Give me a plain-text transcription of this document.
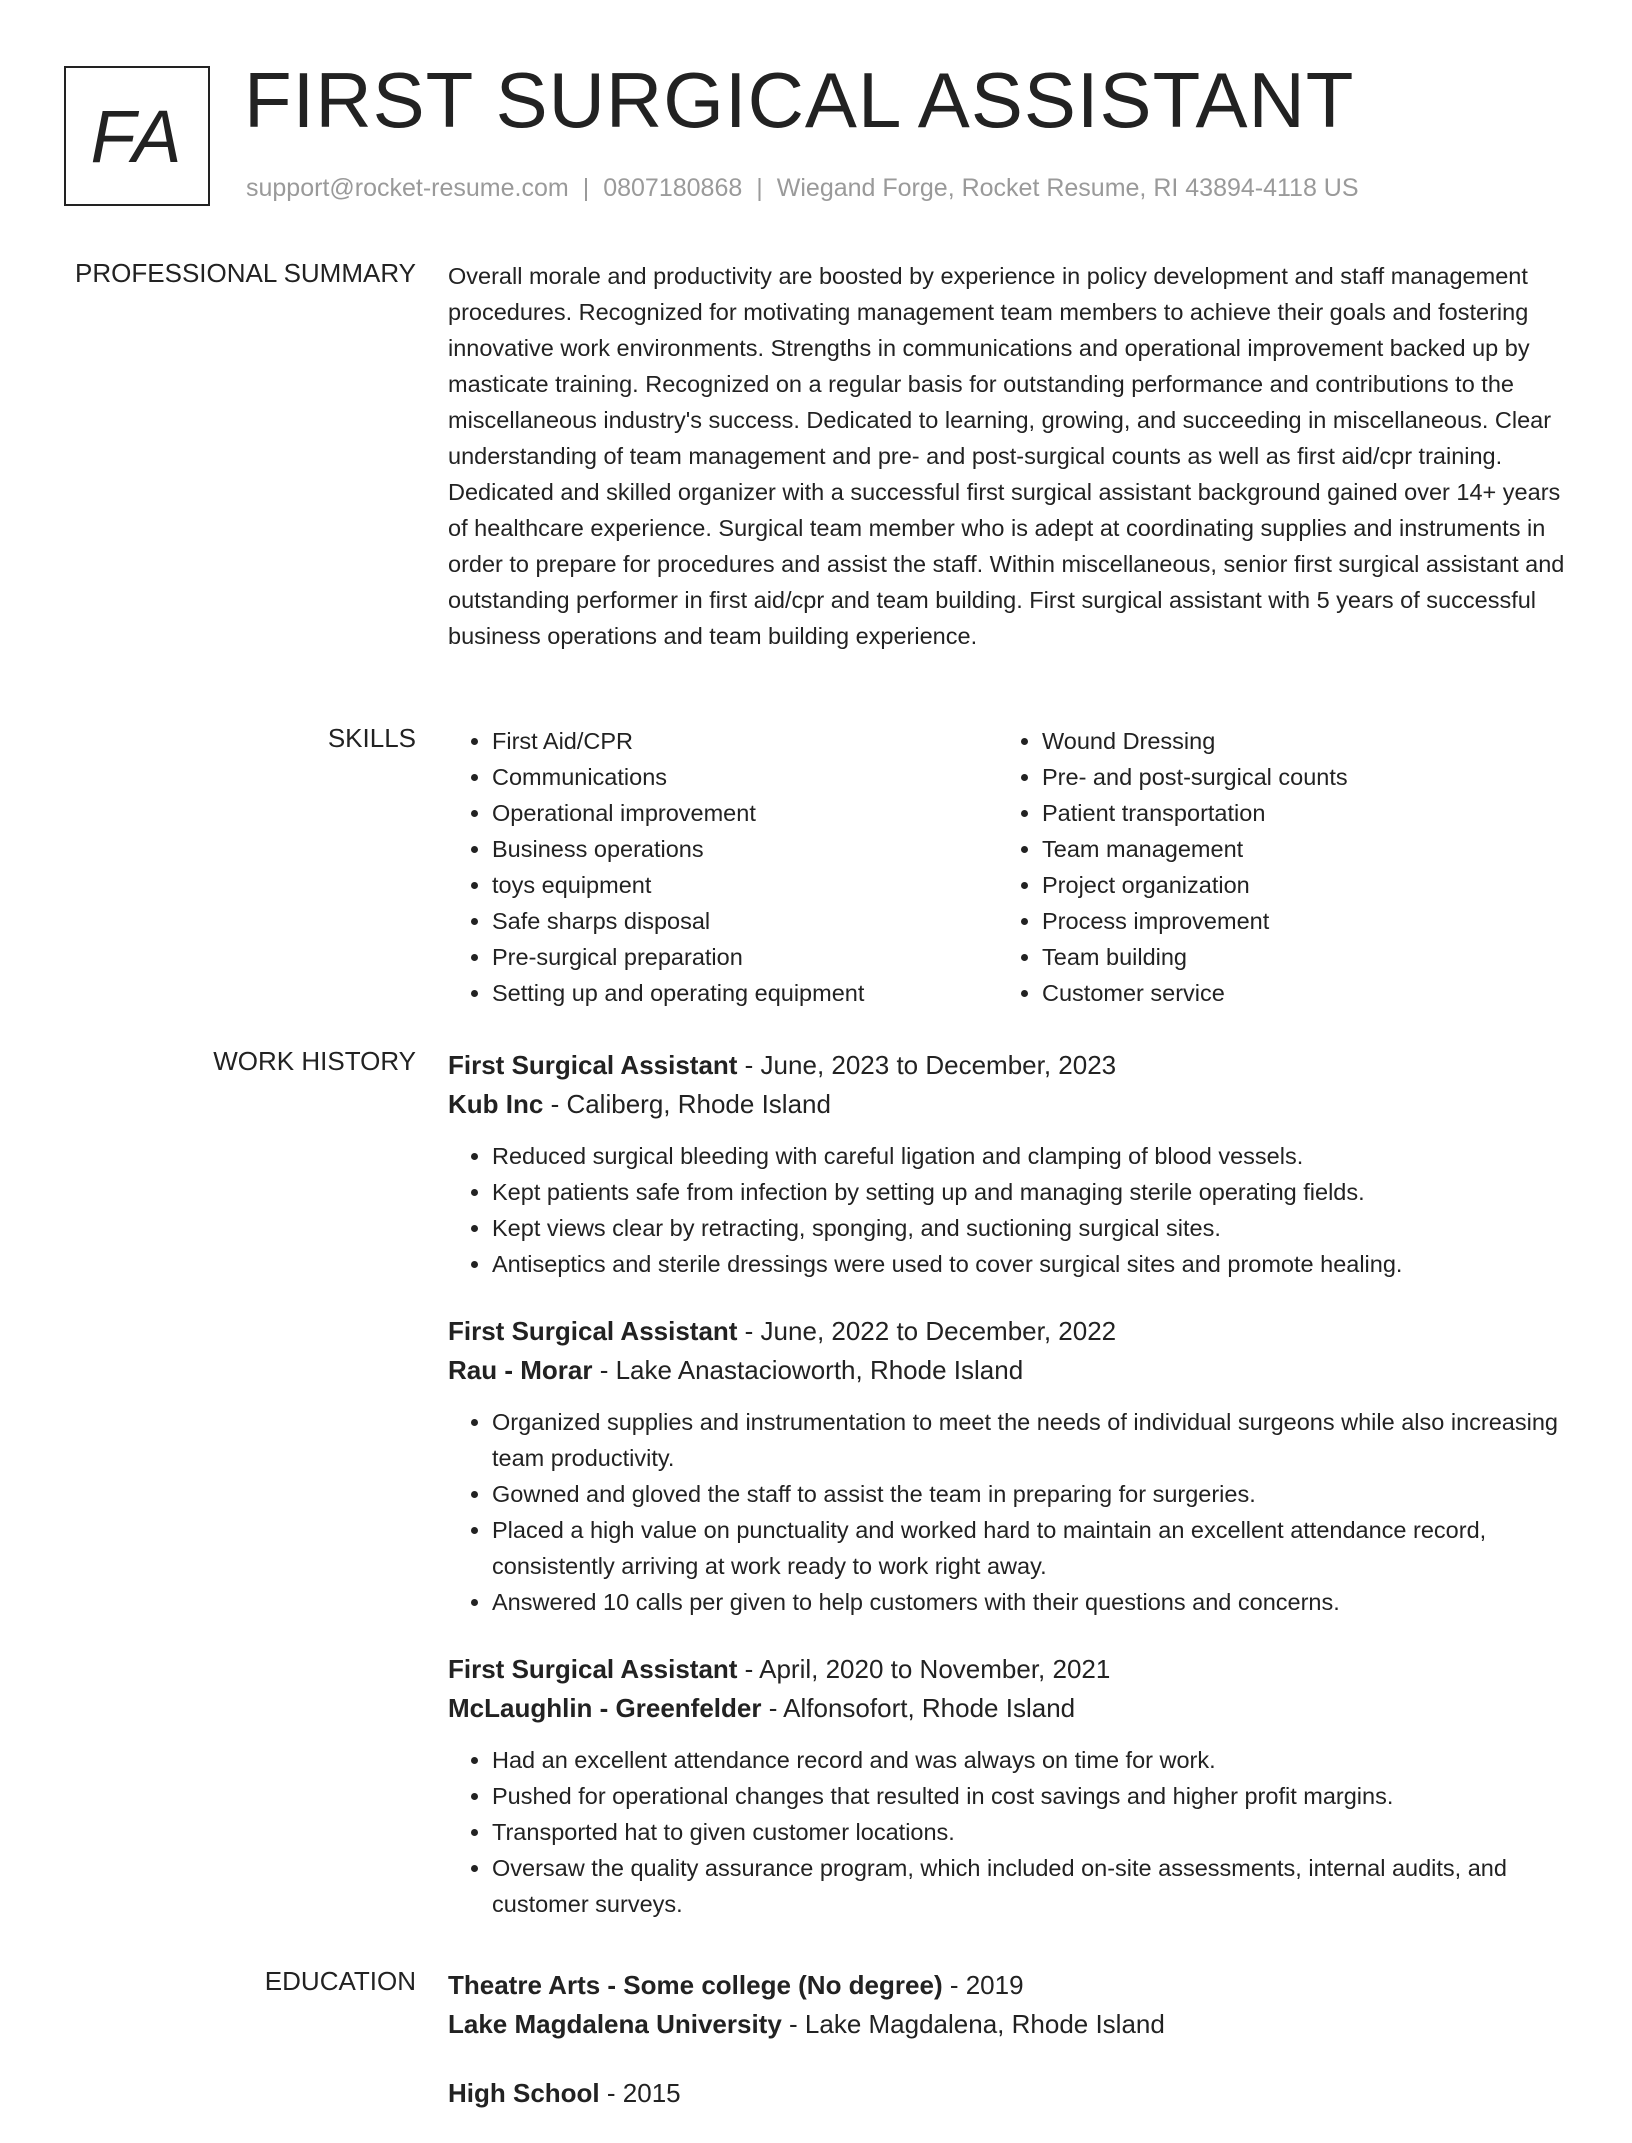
FA FIRST SURGICAL ASSISTANT
support@rocket-resume.com | 0807180868 | Wiegand Forge, Rocket Resume, RI 43894-4118 US
PROFESSIONAL SUMMARY Overall morale and productivity are boosted by experience in policy development and staff management procedures. Recognized for motivating management team members to achieve their goals and fostering innovative work environments. Strengths in communications and operational improvement backed up by masticate training. Recognized on a regular basis for outstanding performance and contributions to the miscellaneous industry's success. Dedicated to learning, growing, and succeeding in miscellaneous. Clear understanding of team management and pre- and post-surgical counts as well as first aid/cpr training. Dedicated and skilled organizer with a successful first surgical assistant background gained over 14+ years of healthcare experience. Surgical team member who is adept at coordinating supplies and instruments in order to prepare for procedures and assist the staff. Within miscellaneous, senior first surgical assistant and outstanding performer in first aid/cpr and team building. First surgical assistant with 5 years of successful business operations and team building experience.

SKILLS
•	First Aid/CPR
• Communications
• Operational improvement
• Business operations
• toys equipment
• Safe sharps disposal
• Pre-surgical preparation
• Setting up and operating equipment
• Wound Dressing
• Pre- and post-surgical counts
• Patient transportation
• Team management
• Project organization
• Process improvement
• Team building
• Customer service
WORK HISTORY First Surgical Assistant - June, 2023 to December, 2023
Kub Inc - Caliberg, Rhode Island
• Reduced surgical bleeding with careful ligation and clamping of blood vessels.
• Kept patients safe from infection by setting up and managing sterile operating fields.
• Kept views clear by retracting, sponging, and suctioning surgical sites.
• Antiseptics and sterile dressings were used to cover surgical sites and promote healing.
First Surgical Assistant - June, 2022 to December, 2022
Rau - Morar - Lake Anastacioworth, Rhode Island
• Organized supplies and instrumentation to meet the needs of individual surgeons while also increasing team productivity.
• Gowned and gloved the staff to assist the team in preparing for surgeries.
• Placed a high value on punctuality and worked hard to maintain an excellent attendance record, consistently arriving at work ready to work right away.
• Answered 10 calls per given to help customers with their questions and concerns.
First Surgical Assistant - April, 2020 to November, 2021
McLaughlin - Greenfelder - Alfonsofort, Rhode Island
• Had an excellent attendance record and was always on time for work.
• Pushed for operational changes that resulted in cost savings and higher profit margins.
• Transported hat to given customer locations.
• Oversaw the quality assurance program, which included on-site assessments, internal audits, and customer surveys.
EDUCATION Theatre Arts - Some college (No degree) - 2019
Lake Magdalena University - Lake Magdalena, Rhode Island
High School - 2015
